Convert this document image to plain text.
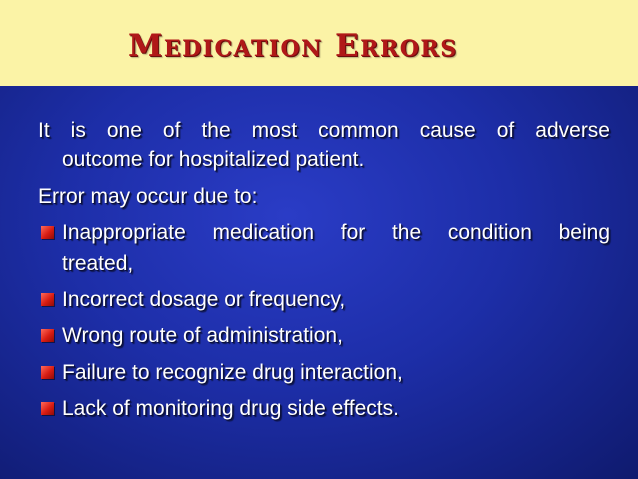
Medication Errors
It is one of the most common cause of adverse
outcome for hospitalized patient.
Error may occur due to:
Inappropriate medication for the condition being
treated,
Incorrect dosage or frequency,
Wrong route of administration,
Failure to recognize drug interaction,
Lack of monitoring drug side effects.
